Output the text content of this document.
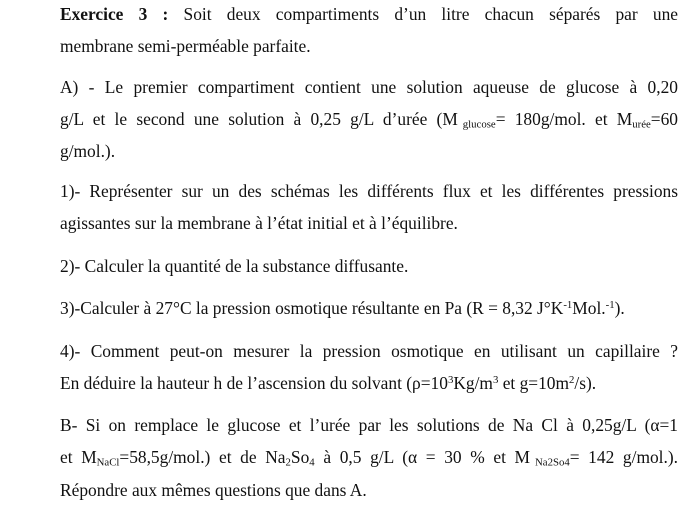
Exercice 3 : Soit deux compartiments d’un litre chacun séparés par une
membrane semi-perméable parfaite.
A) - Le premier compartiment contient une solution aqueuse de glucose à 0,20
g/L et le second une solution à 0,25 g/L d’urée (M $_{glucose}$= 180g/mol. et $M_{urée}=60$
g/mol.).
1)- Représenter sur un des schémas les différents flux et les différentes pressions
agissantes sur la membrane à l’état initial et à l’équilibre.
2)- Calculer la quantité de la substance diffusante.
3)-Calculer à 27°C la pression osmotique résultante en Pa (R = 8,32 $J^\circ K^{-1}Mol.^{-1}$).
4)- Comment peut-on mesurer la pression osmotique en utilisant un capillaire ?
En déduire la hauteur h de l’ascension du solvant ($\rho=10^3Kg/m^3$ et $g=10m^2/s$).
B- Si on remplace le glucose et l’urée par les solutions de Na Cl à 0,25g/L (α=1
et $M_{NaCl}=58,5g/mol$.) et de $Na_2So_4$ à 0,5 g/L (α = 30 % et M $_{Na2So4}$= 142 g/mol.).
Répondre aux mêmes questions que dans A.
